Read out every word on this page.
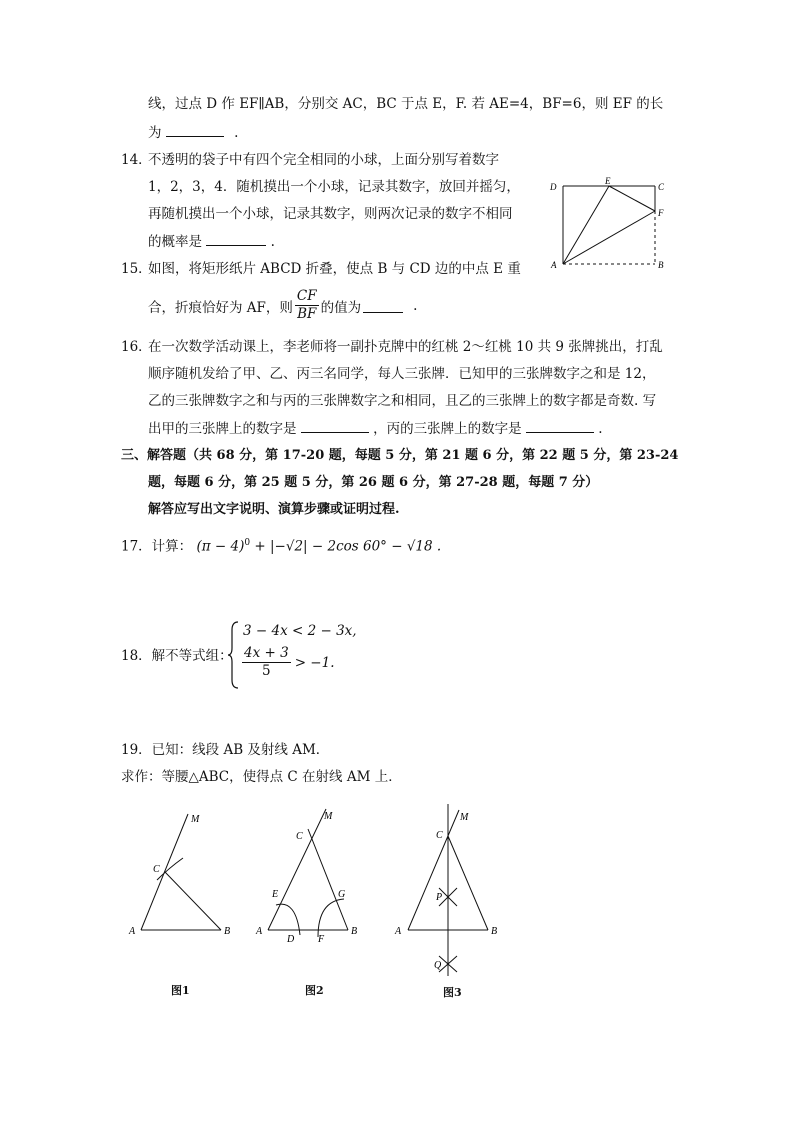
线，过点 D 作 EF∥AB，分别交 AC，BC 于点 E，F. 若 AE=4，BF=6，则 EF 的长
为	.
14．
不透明的袋子中有四个完全相同的小球，上面分别写着数字
1，2，3，4．随机摸出一个小球，记录其数字，放回并摇匀，
再随机摸出一个小球，记录其数字，则两次记录的数字不相同
的概率是	.
15．
如图，将矩形纸片 ABCD 折叠，使点 B 与 CD 边的中点 E 重
合，折痕恰好为 AF，则 $\frac{CF}{BF}$ 的值为	.
16．
在一次数学活动课上，李老师将一副扑克牌中的红桃 2～红桃 10 共 9 张牌挑出，打乱
顺序随机发给了甲、乙、丙三名同学，每人三张牌．已知甲的三张牌数字之和是 12，
乙的三张牌数字之和与丙的三张牌数字之和相同，且乙的三张牌上的数字都是奇数. 写
出甲的三张牌上的数字是	，丙的三张牌上的数字是	.
三、解答题（共 68 分，第 17-20 题，每题 5 分，第 21 题 6 分，第 22 题 5 分，第 23-24
题，每题 6 分，第 25 题 5 分，第 26 题 6 分，第 27-28 题，每题 7 分）
解答应写出文字说明、演算步骤或证明过程.
17．计算： $(\pi - 4)^0 + |-√2| - 2\cos$ 60° − √18 .
18．解不等式组：
3 − 4x < 2 − 3x,
$\frac{4x + 3}{5} > -1$.
19．已知：线段 AB 及射线 AM．
求作：等腰△ABC，使得点 C 在射线 AM 上．
D
E
C
F
A	B
M
C
A	B
图1
M
C
E	G
A
D F
B
图2
M
C
P
Q
A	B
图3
